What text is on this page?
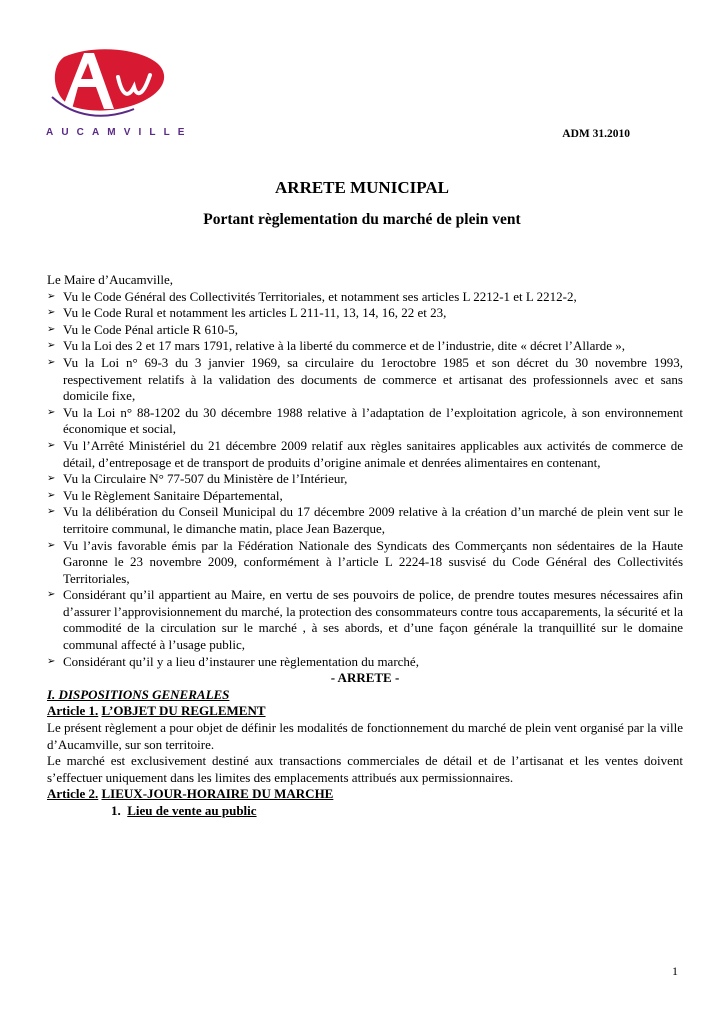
AUCAMVILLE	ADM 31.2010
ARRETE MUNICIPAL
Portant règlementation du marché de plein vent

Le Maire d’Aucamville,

➢ Vu le Code Général des Collectivités Territoriales, et notamment ses articles L 2212-1 et L 2212-2,
➢ Vu le Code Rural et notamment les articles L 211-11, 13, 14, 16, 22 et 23,
➢ Vu le Code Pénal article R 610-5,
➢ Vu la Loi des 2 et 17 mars 1791, relative à la liberté du commerce et de l’industrie, dite « décret l’Allarde »,
➢ Vu la Loi n° 69-3 du 3 janvier 1969, sa circulaire du 1eroctobre 1985 et son décret du 30 novembre 1993, respectivement relatifs à la validation des documents de commerce et artisanat des professionnels avec et sans domicile fixe,
➢ Vu la Loi n° 88-1202 du 30 décembre 1988 relative à l’adaptation de l’exploitation agricole, à son environnement économique et social,
➢ Vu l’Arrêté Ministériel du 21 décembre 2009 relatif aux règles sanitaires applicables aux activités de commerce de détail, d’entreposage et de transport de produits d’origine animale et denrées alimentaires en contenant,
➢ Vu la Circulaire N° 77-507 du Ministère de l’Intérieur,
➢ Vu le Règlement Sanitaire Départemental,
➢ Vu la délibération du Conseil Municipal du 17 décembre 2009 relative à la création d’un marché de plein vent sur le territoire communal, le dimanche matin, place Jean Bazerque,
➢ Vu l’avis favorable émis par la Fédération Nationale des Syndicats des Commerçants non sédentaires de la Haute Garonne le 23 novembre 2009, conformément à l’article L 2224-18 susvisé du Code Général des Collectivités Territoriales,
➢ Considérant qu’il appartient au Maire, en vertu de ses pouvoirs de police, de prendre toutes mesures nécessaires afin d’assurer l’approvisionnement du marché, la protection des consommateurs contre tous accaparements, la sécurité et la commodité de la circulation sur le marché , à ses abords, et d’une façon générale la tranquillité sur le domaine communal affecté à l’usage public,
➢ Considérant qu’il y a lieu d’instaurer une règlementation du marché,

- ARRETE -

I. DISPOSITIONS GENERALES

Article 1. L’OBJET DU REGLEMENT

Le présent règlement a pour objet de définir les modalités de fonctionnement du marché de plein vent organisé par la ville d’Aucamville, sur son territoire.

Le marché est exclusivement destiné aux transactions commerciales de détail et de l’artisanat et les ventes doivent s’effectuer uniquement dans les limites des emplacements attribués aux permissionnaires.

Article 2. LIEUX-JOUR-HORAIRE DU MARCHE

1. Lieu de vente au public

1
